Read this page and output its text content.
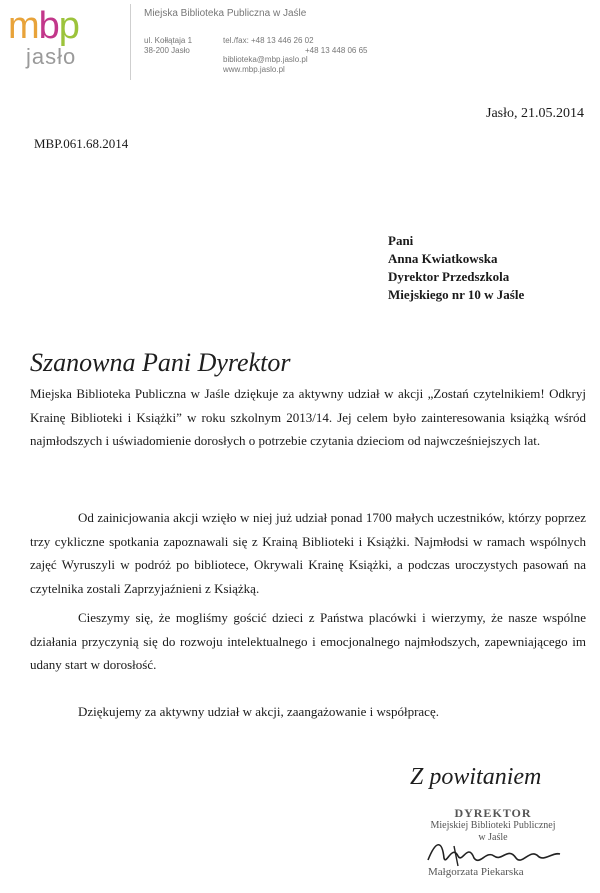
mbp
jasło
Miejska Biblioteka Publiczna w Jaśle
ul. Kołłątaja 1
38-200 Jasło
tel./fax: +48 13 446 26 02
+48 13 448 06 65
biblioteka@mbp.jaslo.pl
www.mbp.jaslo.pl
Jasło, 21.05.2014
MBP.061.68.2014
Pani
Anna Kwiatkowska
Dyrektor Przedszkola
Miejskiego nr 10 w Jaśle
Szanowna Pani Dyrektor
Miejska Biblioteka Publiczna w Jaśle dziękuje za aktywny udział w akcji „Zostań czytelnikiem! Odkryj Krainę Biblioteki i Książki” w roku szkolnym 2013/14. Jej celem było zainteresowania książką wśród najmłodszych i uświadomienie dorosłych o potrzebie czytania dzieciom od najwcześniejszych lat.
Od zainicjowania akcji wzięło w niej już udział ponad 1700 małych uczestników, którzy poprzez trzy cykliczne spotkania zapoznawali się z Krainą Biblioteki i Książki. Najmłodsi w ramach wspólnych zajęć Wyruszyli w podróż po bibliotece, Okrywali Krainę Książki, a podczas uroczystych pasowań na czytelnika zostali Zaprzyjaźnieni z Książką.
Cieszymy się, że mogliśmy gościć dzieci z Państwa placówki i wierzymy, że nasze wspólne działania przyczynią się do rozwoju intelektualnego i emocjonalnego najmłodszych, zapewniającego im udany start w dorosłość.
Dziękujemy za aktywny udział w akcji, zaangażowanie i współpracę.
Z powitaniem
DYREKTOR
Miejskiej Biblioteki Publicznej
w Jaśle
Małgorzata Piekarska
